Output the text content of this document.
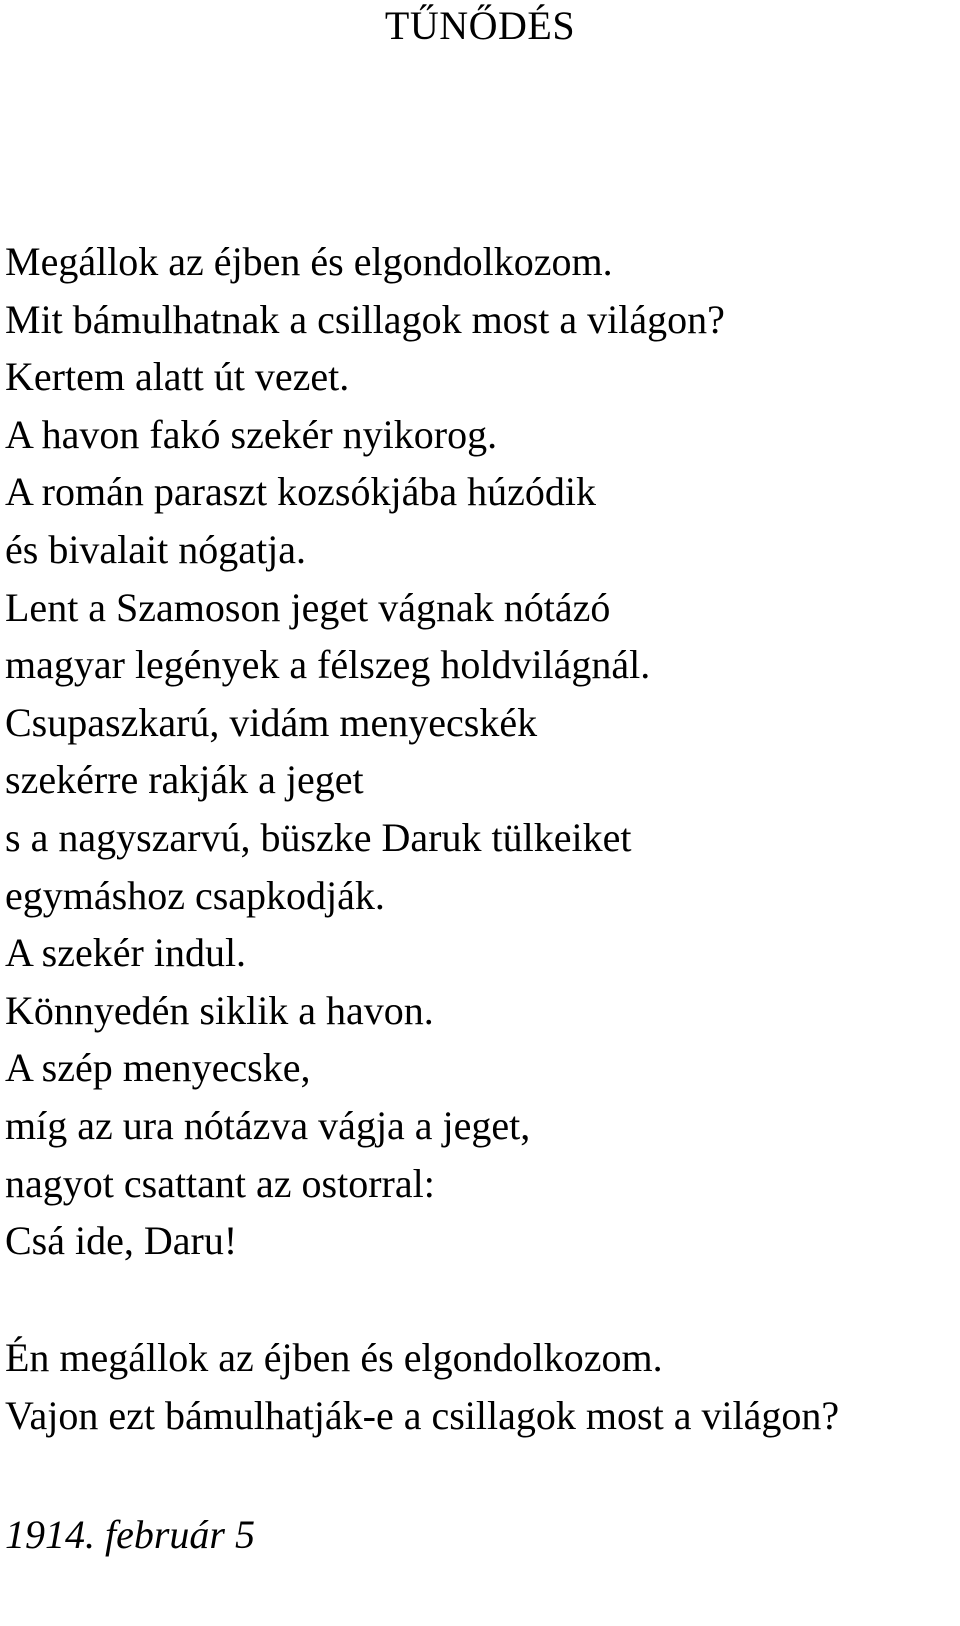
TŰNŐDÉS
Megállok az éjben és elgondolkozom.
Mit bámulhatnak a csillagok most a világon?
Kertem alatt út vezet.
A havon fakó szekér nyikorog.
A román paraszt kozsókjába húzódik
és bivalait nógatja.
Lent a Szamoson jeget vágnak nótázó
magyar legények a félszeg holdvilágnál.
Csupaszkarú, vidám menyecskék
szekérre rakják a jeget
s a nagyszarvú, büszke Daruk tülkeiket
egymáshoz csapkodják.
A szekér indul.
Könnyedén siklik a havon.
A szép menyecske,
míg az ura nótázva vágja a jeget,
nagyot csattant az ostorral:
Csá ide, Daru!
Én megállok az éjben és elgondolkozom.
Vajon ezt bámulhatják-e a csillagok most a világon?

1914. február 5
